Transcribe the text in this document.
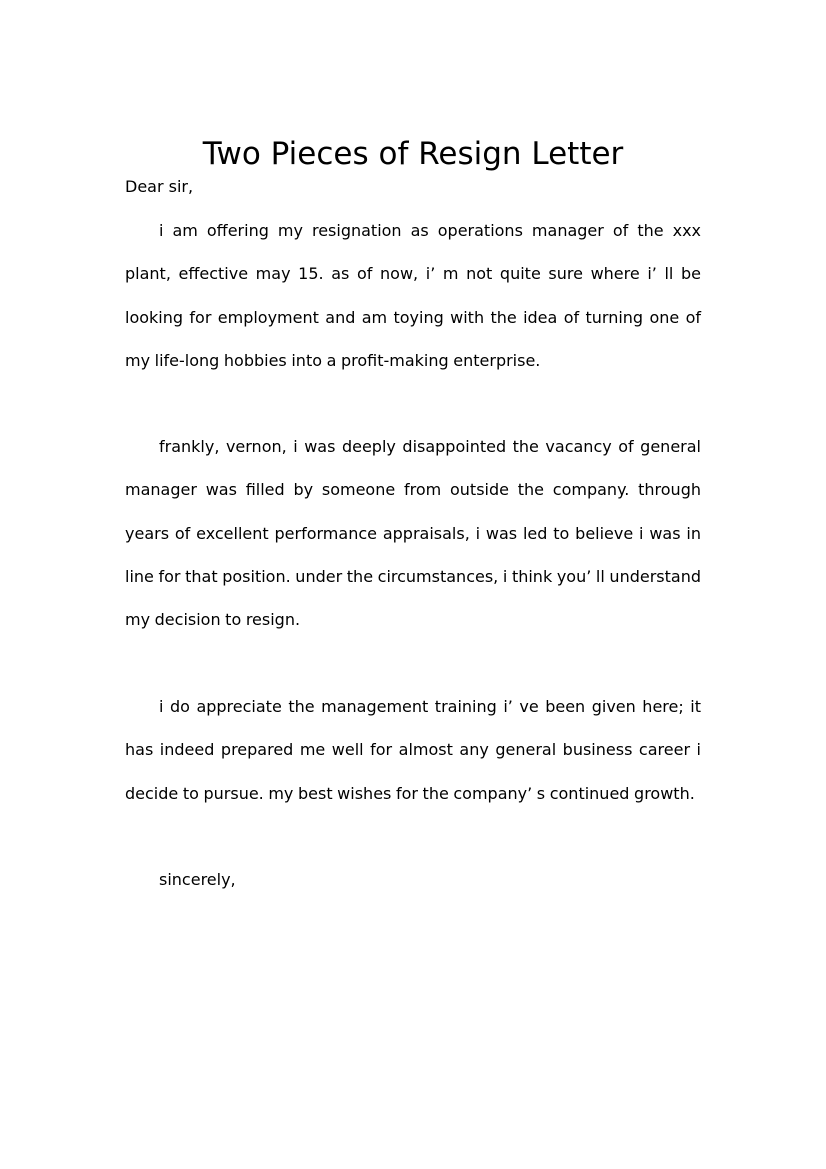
Two Pieces of Resign Letter
Dear sir,

i am offering my resignation as operations manager of the xxx plant, effective may 15. as of now, i’ m not quite sure where i’ ll be looking for employment and am toying with the idea of turning one of my life-long hobbies into a profit-making enterprise.

frankly, vernon, i was deeply disappointed the vacancy of general manager was filled by someone from outside the company. through years of excellent performance appraisals, i was led to believe i was in line for that position. under the circumstances, i think you’ ll understand my decision to resign.

i do appreciate the management training i’ ve been given here; it has indeed prepared me well for almost any general business career i decide to pursue. my best wishes for the company’ s continued growth.

sincerely,
